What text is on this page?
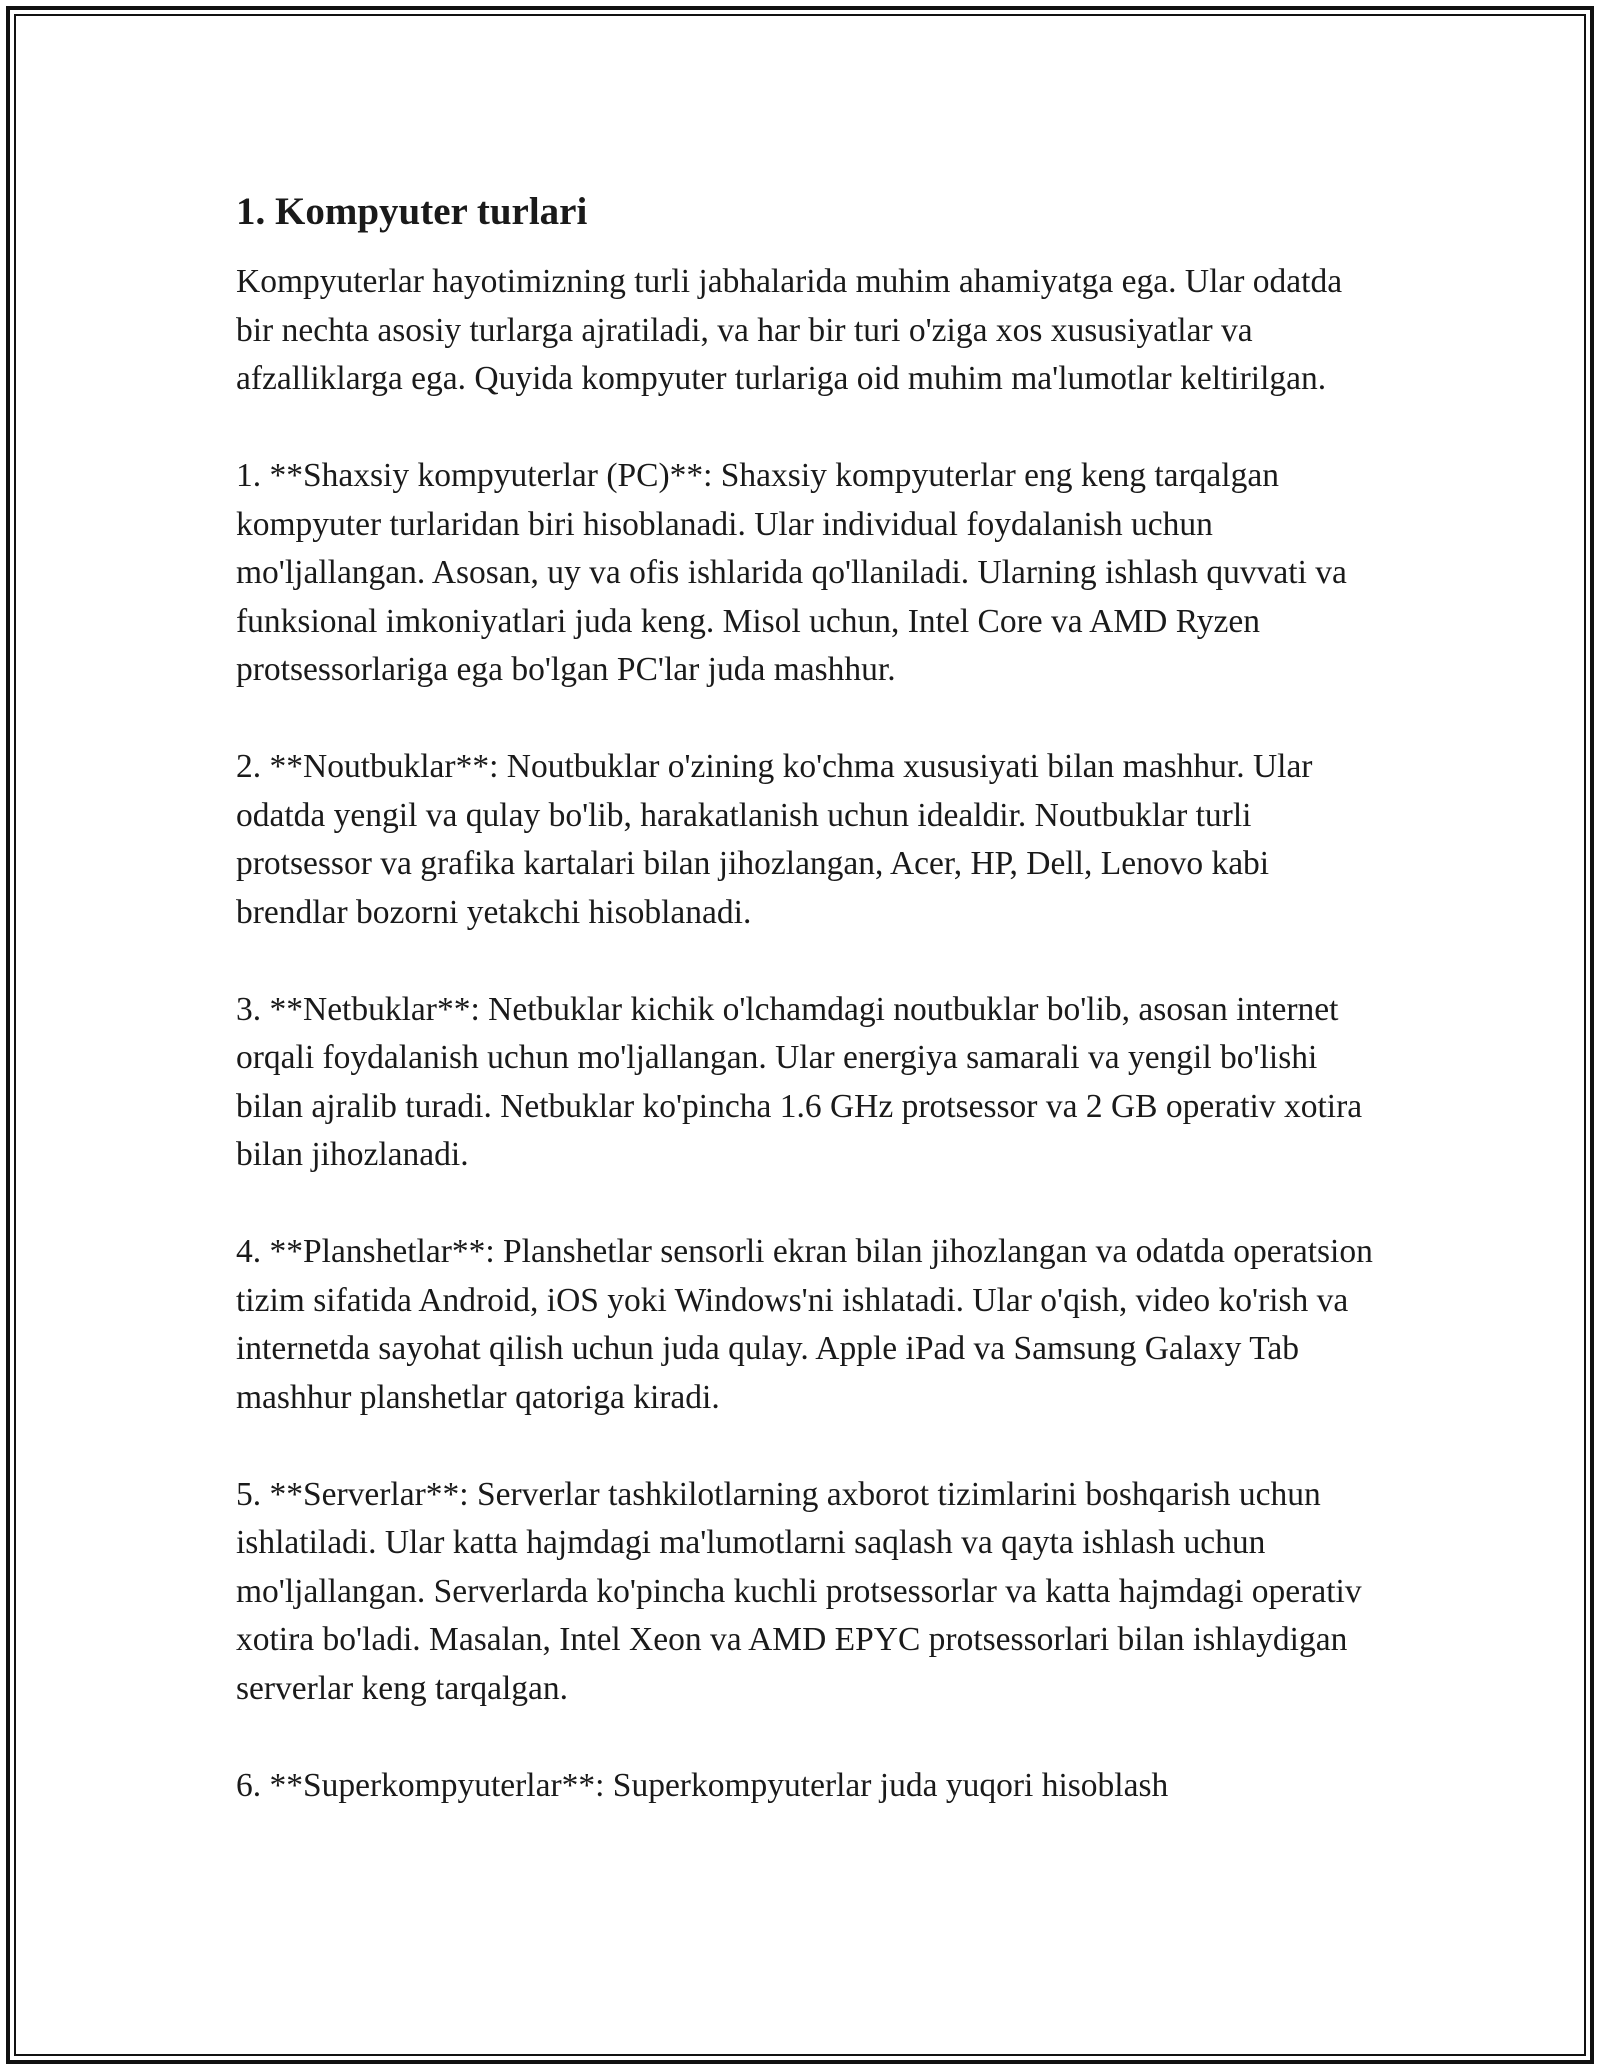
1. Kompyuter turlari

Kompyuterlar hayotimizning turli jabhalarida muhim ahamiyatga ega. Ular odatda bir nechta asosiy turlarga ajratiladi, va har bir turi o'ziga xos xususiyatlar va afzalliklarga ega. Quyida kompyuter turlariga oid muhim ma'lumotlar keltirilgan.

1. **Shaxsiy kompyuterlar (PC)**: Shaxsiy kompyuterlar eng keng tarqalgan kompyuter turlaridan biri hisoblanadi. Ular individual foydalanish uchun mo'ljallangan. Asosan, uy va ofis ishlarida qo'llaniladi. Ularning ishlash quvvati va funksional imkoniyatlari juda keng. Misol uchun, Intel Core va AMD Ryzen protsessorlariga ega bo'lgan PC'lar juda mashhur.

2. **Noutbuklar**: Noutbuklar o'zining ko'chma xususiyati bilan mashhur. Ular odatda yengil va qulay bo'lib, harakatlanish uchun idealdir. Noutbuklar turli protsessor va grafika kartalari bilan jihozlangan, Acer, HP, Dell, Lenovo kabi brendlar bozorni yetakchi hisoblanadi.

3. **Netbuklar**: Netbuklar kichik o'lchamdagi noutbuklar bo'lib, asosan internet orqali foydalanish uchun mo'ljallangan. Ular energiya samarali va yengil bo'lishi bilan ajralib turadi. Netbuklar ko'pincha 1.6 GHz protsessor va 2 GB operativ xotira bilan jihozlanadi.

4. **Planshetlar**: Planshetlar sensorli ekran bilan jihozlangan va odatda operatsion tizim sifatida Android, iOS yoki Windows'ni ishlatadi. Ular o'qish, video ko'rish va internetda sayohat qilish uchun juda qulay. Apple iPad va Samsung Galaxy Tab mashhur planshetlar qatoriga kiradi.

5. **Serverlar**: Serverlar tashkilotlarning axborot tizimlarini boshqarish uchun ishlatiladi. Ular katta hajmdagi ma'lumotlarni saqlash va qayta ishlash uchun mo'ljallangan. Serverlarda ko'pincha kuchli protsessorlar va katta hajmdagi operativ xotira bo'ladi. Masalan, Intel Xeon va AMD EPYC protsessorlari bilan ishlaydigan serverlar keng tarqalgan.

6. **Superkompyuterlar**: Superkompyuterlar juda yuqori hisoblash
